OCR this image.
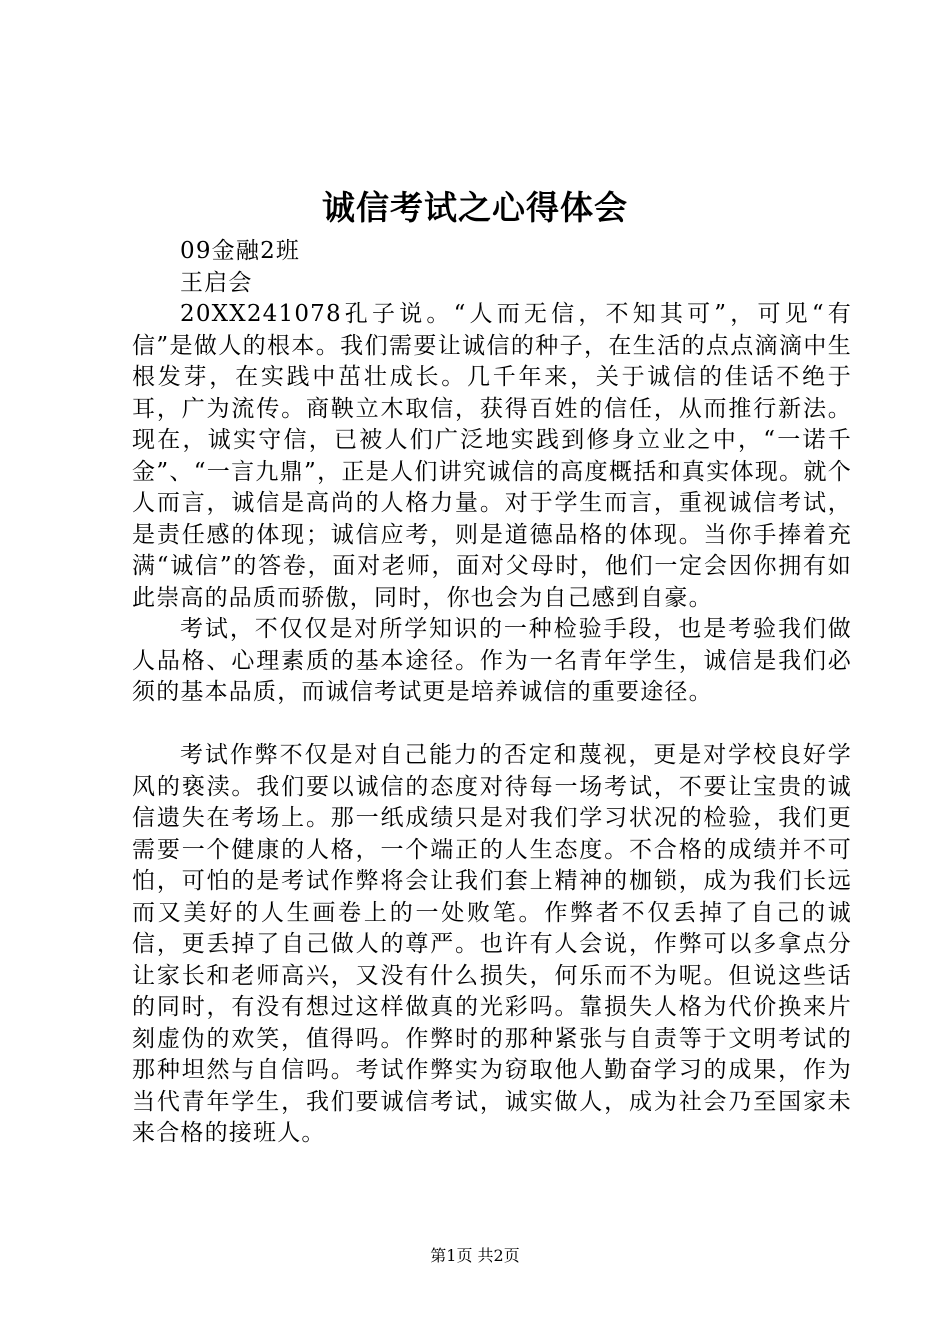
诚信考试之心得体会

09金融2班

王启会

20XX241078孔子说。“人而无信，不知其可”，可见“有信”是做人的根本。我们需要让诚信的种子，在生活的点点滴滴中生根发芽，在实践中茁壮成长。几千年来，关于诚信的佳话不绝于耳，广为流传。商鞅立木取信，获得百姓的信任，从而推行新法。现在，诚实守信，已被人们广泛地实践到修身立业之中，“一诺千金”、“一言九鼎”，正是人们讲究诚信的高度概括和真实体现。就个人而言，诚信是高尚的人格力量。对于学生而言，重视诚信考试，是责任感的体现；诚信应考，则是道德品格的体现。当你手捧着充满“诚信”的答卷，面对老师，面对父母时，他们一定会因你拥有如此崇高的品质而骄傲，同时，你也会为自己感到自豪。

考试，不仅仅是对所学知识的一种检验手段，也是考验我们做人品格、心理素质的基本途径。作为一名青年学生，诚信是我们必须的基本品质，而诚信考试更是培养诚信的重要途径。

考试作弊不仅是对自己能力的否定和蔑视，更是对学校良好学风的亵渎。我们要以诚信的态度对待每一场考试，不要让宝贵的诚信遗失在考场上。那一纸成绩只是对我们学习状况的检验，我们更需要一个健康的人格，一个端正的人生态度。不合格的成绩并不可怕，可怕的是考试作弊将会让我们套上精神的枷锁，成为我们长远而又美好的人生画卷上的一处败笔。作弊者不仅丢掉了自己的诚信，更丢掉了自己做人的尊严。也许有人会说，作弊可以多拿点分让家长和老师高兴，又没有什么损失，何乐而不为呢。但说这些话的同时，有没有想过这样做真的光彩吗。靠损失人格为代价换来片刻虚伪的欢笑，值得吗。作弊时的那种紧张与自责等于文明考试的那种坦然与自信吗。考试作弊实为窃取他人勤奋学习的成果，作为当代青年学生，我们要诚信考试，诚实做人，成为社会乃至国家未来合格的接班人。

第1页 共2页
